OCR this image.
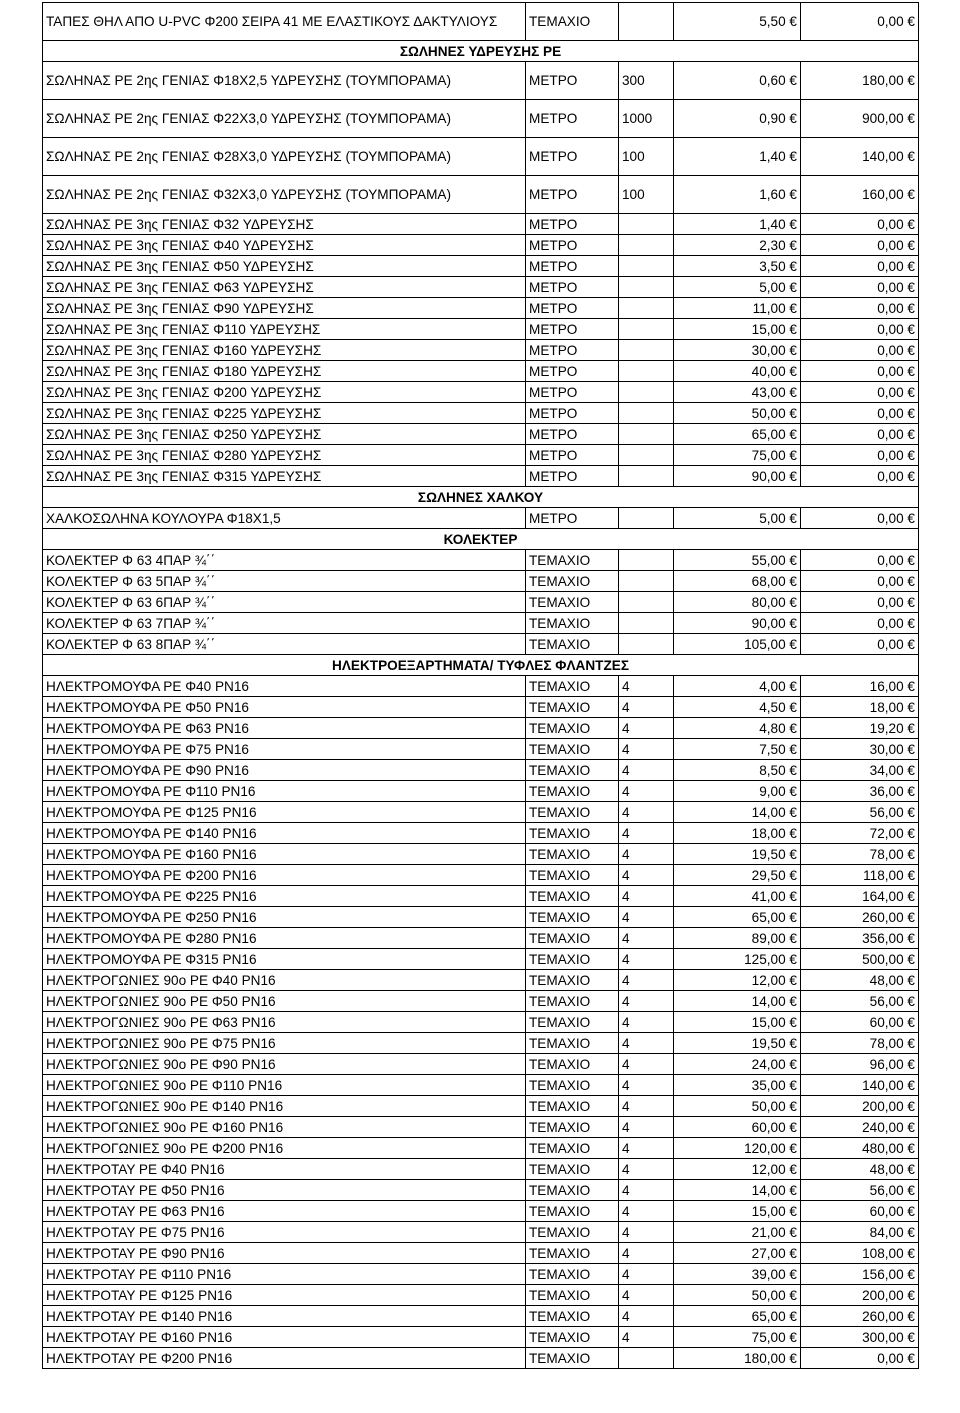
ΤΑΠΕΣ ΘΗΛ ΑΠΟ U-PVC Φ200 ΣΕΙΡΑ 41 ΜΕ ΕΛΑΣΤΙΚΟΥΣ ΔΑΚΤΥΛΙΟΥΣ	ΤΕΜΑΧΙΟ		5,50 €	0,00 €
ΣΩΛΗΝΕΣ ΥΔΡΕΥΣΗΣ PE				
ΣΩΛΗΝΑΣ PE 2ης ΓΕΝΙΑΣ Φ18Χ2,5 ΥΔΡΕΥΣΗΣ (ΤΟΥΜΠΟΡΑΜΑ)	ΜΕΤΡΟ	300	0,60 €	180,00 €
ΣΩΛΗΝΑΣ PE 2ης ΓΕΝΙΑΣ Φ22Χ3,0 ΥΔΡΕΥΣΗΣ (ΤΟΥΜΠΟΡΑΜΑ)	ΜΕΤΡΟ	1000	0,90 €	900,00 €
ΣΩΛΗΝΑΣ PE 2ης ΓΕΝΙΑΣ Φ28Χ3,0 ΥΔΡΕΥΣΗΣ (ΤΟΥΜΠΟΡΑΜΑ)	ΜΕΤΡΟ	100	1,40 €	140,00 €
ΣΩΛΗΝΑΣ PE 2ης ΓΕΝΙΑΣ Φ32Χ3,0 ΥΔΡΕΥΣΗΣ (ΤΟΥΜΠΟΡΑΜΑ)	ΜΕΤΡΟ	100	1,60 €	160,00 €
ΣΩΛΗΝΑΣ PE 3ης ΓΕΝΙΑΣ Φ32 ΥΔΡΕΥΣΗΣ	ΜΕΤΡΟ		1,40 €	0,00 €
ΣΩΛΗΝΑΣ PE 3ης ΓΕΝΙΑΣ Φ40 ΥΔΡΕΥΣΗΣ	ΜΕΤΡΟ		2,30 €	0,00 €
ΣΩΛΗΝΑΣ PE 3ης ΓΕΝΙΑΣ Φ50 ΥΔΡΕΥΣΗΣ	ΜΕΤΡΟ		3,50 €	0,00 €
ΣΩΛΗΝΑΣ PE 3ης ΓΕΝΙΑΣ Φ63 ΥΔΡΕΥΣΗΣ	ΜΕΤΡΟ		5,00 €	0,00 €
ΣΩΛΗΝΑΣ PE 3ης ΓΕΝΙΑΣ Φ90 ΥΔΡΕΥΣΗΣ	ΜΕΤΡΟ		11,00 €	0,00 €
ΣΩΛΗΝΑΣ PE 3ης ΓΕΝΙΑΣ Φ110 ΥΔΡΕΥΣΗΣ	ΜΕΤΡΟ		15,00 €	0,00 €
ΣΩΛΗΝΑΣ PE 3ης ΓΕΝΙΑΣ Φ160 ΥΔΡΕΥΣΗΣ	ΜΕΤΡΟ		30,00 €	0,00 €
ΣΩΛΗΝΑΣ PE 3ης ΓΕΝΙΑΣ Φ180 ΥΔΡΕΥΣΗΣ	ΜΕΤΡΟ		40,00 €	0,00 €
ΣΩΛΗΝΑΣ PE 3ης ΓΕΝΙΑΣ Φ200 ΥΔΡΕΥΣΗΣ	ΜΕΤΡΟ		43,00 €	0,00 €
ΣΩΛΗΝΑΣ PE 3ης ΓΕΝΙΑΣ Φ225 ΥΔΡΕΥΣΗΣ	ΜΕΤΡΟ		50,00 €	0,00 €
ΣΩΛΗΝΑΣ PE 3ης ΓΕΝΙΑΣ Φ250 ΥΔΡΕΥΣΗΣ	ΜΕΤΡΟ		65,00 €	0,00 €
ΣΩΛΗΝΑΣ PE 3ης ΓΕΝΙΑΣ Φ280 ΥΔΡΕΥΣΗΣ	ΜΕΤΡΟ		75,00 €	0,00 €
ΣΩΛΗΝΑΣ PE 3ης ΓΕΝΙΑΣ Φ315 ΥΔΡΕΥΣΗΣ	ΜΕΤΡΟ		90,00 €	0,00 €
ΣΩΛΗΝΕΣ ΧΑΛΚΟΥ				
ΧΑΛΚΟΣΩΛΗΝΑ ΚΟΥΛΟΥΡΑ Φ18Χ1,5	ΜΕΤΡΟ		5,00 €	0,00 €
ΚΟΛΕΚΤΕΡ				
ΚΟΛΕΚΤΕΡ Φ 63 4ΠΑΡ ¾΄΄	ΤΕΜΑΧΙΟ		55,00 €	0,00 €
ΚΟΛΕΚΤΕΡ Φ 63 5ΠΑΡ ¾΄΄	ΤΕΜΑΧΙΟ		68,00 €	0,00 €
ΚΟΛΕΚΤΕΡ Φ 63 6ΠΑΡ ¾΄΄	ΤΕΜΑΧΙΟ		80,00 €	0,00 €
ΚΟΛΕΚΤΕΡ Φ 63 7ΠΑΡ ¾΄΄	ΤΕΜΑΧΙΟ		90,00 €	0,00 €
ΚΟΛΕΚΤΕΡ Φ 63 8ΠΑΡ ¾΄΄	ΤΕΜΑΧΙΟ		105,00 €	0,00 €
ΗΛΕΚΤΡΟΕΞΑΡΤΗΜΑΤΑ/ ΤΥΦΛΕΣ ΦΛΑΝΤΖΕΣ				
ΗΛΕΚΤΡΟΜΟΥΦΑ PE Φ40 PN16	ΤΕΜΑΧΙΟ	4	4,00 €	16,00 €
ΗΛΕΚΤΡΟΜΟΥΦΑ PE Φ50 PN16	ΤΕΜΑΧΙΟ	4	4,50 €	18,00 €
ΗΛΕΚΤΡΟΜΟΥΦΑ PE Φ63 PN16	ΤΕΜΑΧΙΟ	4	4,80 €	19,20 €
ΗΛΕΚΤΡΟΜΟΥΦΑ PE Φ75 PN16	ΤΕΜΑΧΙΟ	4	7,50 €	30,00 €
ΗΛΕΚΤΡΟΜΟΥΦΑ PE Φ90 PN16	ΤΕΜΑΧΙΟ	4	8,50 €	34,00 €
ΗΛΕΚΤΡΟΜΟΥΦΑ PE Φ110 PN16	ΤΕΜΑΧΙΟ	4	9,00 €	36,00 €
ΗΛΕΚΤΡΟΜΟΥΦΑ PE Φ125 PN16	ΤΕΜΑΧΙΟ	4	14,00 €	56,00 €
ΗΛΕΚΤΡΟΜΟΥΦΑ PE Φ140 PN16	ΤΕΜΑΧΙΟ	4	18,00 €	72,00 €
ΗΛΕΚΤΡΟΜΟΥΦΑ PE Φ160 PN16	ΤΕΜΑΧΙΟ	4	19,50 €	78,00 €
ΗΛΕΚΤΡΟΜΟΥΦΑ PE Φ200 PN16	ΤΕΜΑΧΙΟ	4	29,50 €	118,00 €
ΗΛΕΚΤΡΟΜΟΥΦΑ PE Φ225 PN16	ΤΕΜΑΧΙΟ	4	41,00 €	164,00 €
ΗΛΕΚΤΡΟΜΟΥΦΑ PE Φ250 PN16	ΤΕΜΑΧΙΟ	4	65,00 €	260,00 €
ΗΛΕΚΤΡΟΜΟΥΦΑ PE Φ280 PN16	ΤΕΜΑΧΙΟ	4	89,00 €	356,00 €
ΗΛΕΚΤΡΟΜΟΥΦΑ PE Φ315 PN16	ΤΕΜΑΧΙΟ	4	125,00 €	500,00 €
ΗΛΕΚΤΡΟΓΩΝΙΕΣ 90ο PE Φ40 PN16	ΤΕΜΑΧΙΟ	4	12,00 €	48,00 €
ΗΛΕΚΤΡΟΓΩΝΙΕΣ 90ο PE Φ50 PN16	ΤΕΜΑΧΙΟ	4	14,00 €	56,00 €
ΗΛΕΚΤΡΟΓΩΝΙΕΣ 90ο PE Φ63 PN16	ΤΕΜΑΧΙΟ	4	15,00 €	60,00 €
ΗΛΕΚΤΡΟΓΩΝΙΕΣ 90ο PE Φ75 PN16	ΤΕΜΑΧΙΟ	4	19,50 €	78,00 €
ΗΛΕΚΤΡΟΓΩΝΙΕΣ 90ο PE Φ90 PN16	ΤΕΜΑΧΙΟ	4	24,00 €	96,00 €
ΗΛΕΚΤΡΟΓΩΝΙΕΣ 90ο PE Φ110 PN16	ΤΕΜΑΧΙΟ	4	35,00 €	140,00 €
ΗΛΕΚΤΡΟΓΩΝΙΕΣ 90ο PE Φ140 PN16	ΤΕΜΑΧΙΟ	4	50,00 €	200,00 €
ΗΛΕΚΤΡΟΓΩΝΙΕΣ 90ο PE Φ160 PN16	ΤΕΜΑΧΙΟ	4	60,00 €	240,00 €
ΗΛΕΚΤΡΟΓΩΝΙΕΣ 90ο PE Φ200 PN16	ΤΕΜΑΧΙΟ	4	120,00 €	480,00 €
ΗΛΕΚΤΡΟΤΑΥ PE Φ40 PN16	ΤΕΜΑΧΙΟ	4	12,00 €	48,00 €
ΗΛΕΚΤΡΟΤΑΥ PE Φ50 PN16	ΤΕΜΑΧΙΟ	4	14,00 €	56,00 €
ΗΛΕΚΤΡΟΤΑΥ PE Φ63 PN16	ΤΕΜΑΧΙΟ	4	15,00 €	60,00 €
ΗΛΕΚΤΡΟΤΑΥ PE Φ75 PN16	ΤΕΜΑΧΙΟ	4	21,00 €	84,00 €
ΗΛΕΚΤΡΟΤΑΥ PE Φ90 PN16	ΤΕΜΑΧΙΟ	4	27,00 €	108,00 €
ΗΛΕΚΤΡΟΤΑΥ PE Φ110 PN16	ΤΕΜΑΧΙΟ	4	39,00 €	156,00 €
ΗΛΕΚΤΡΟΤΑΥ PE Φ125 PN16	ΤΕΜΑΧΙΟ	4	50,00 €	200,00 €
ΗΛΕΚΤΡΟΤΑΥ PE Φ140 PN16	ΤΕΜΑΧΙΟ	4	65,00 €	260,00 €
ΗΛΕΚΤΡΟΤΑΥ PE Φ160 PN16	ΤΕΜΑΧΙΟ	4	75,00 €	300,00 €
ΗΛΕΚΤΡΟΤΑΥ PE Φ200 PN16	ΤΕΜΑΧΙΟ		180,00 €	0,00 €
